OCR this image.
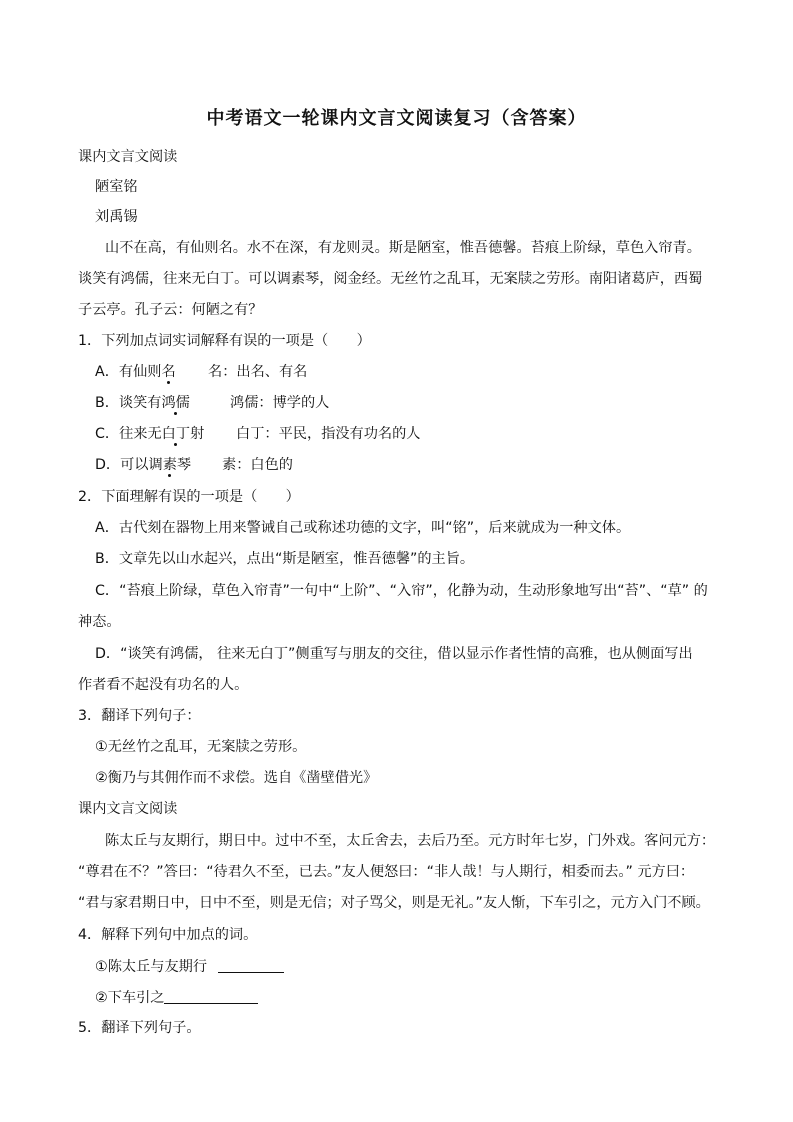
中考语文一轮课内文言文阅读复习（含答案）
课内文言文阅读
陋室铭
刘禹锡
山不在高，有仙则名。水不在深，有龙则灵。斯是陋室，惟吾德馨。苔痕上阶绿，草色入帘青。
谈笑有鸿儒，往来无白丁。可以调素琴，阅金经。无丝竹之乱耳，无案牍之劳形。南阳诸葛庐，西蜀
子云亭。孔子云：何陋之有？
1．下列加点词实词解释有误的一项是（　　）
A．有仙则名 名：出名、有名
B．谈笑有鸿儒	鸿儒：博学的人
C．往来无白丁射 白丁：平民，指没有功名的人
D．可以调素琴 素：白色的
2．下面理解有误的一项是（　　）
A．古代刻在器物上用来警诫自己或称述功德的文字，叫“铭”，后来就成为一种文体。
B．文章先以山水起兴，点出“斯是陋室，惟吾德馨”的主旨。
C．“苔痕上阶绿，草色入帘青”一句中“上阶”、“入帘”，化静为动，生动形象地写出“苔”、“草” 的
神态。
D．“谈笑有鸿儒， 往来无白丁”侧重写与朋友的交往，借以显示作者性情的高雅，也从侧面写出
作者看不起没有功名的人。
3．翻译下列句子：
①无丝竹之乱耳，无案牍之劳形。
②衡乃与其佣作而不求偿。选自《凿壁借光》
课内文言文阅读
陈太丘与友期行，期日中。过中不至，太丘舍去，去后乃至。元方时年七岁，门外戏。客问元方：
“尊君在不？”答曰：“待君久不至，已去。”友人便怒曰：“非人哉！与人期行，相委而去。” 元方曰：
“君与家君期日中，日中不至，则是无信；对子骂父，则是无礼。”友人惭，下车引之，元方入门不顾。
4．解释下列句中加点的词。
①陈太丘与友期行
②下车引之
5．翻译下列句子。
